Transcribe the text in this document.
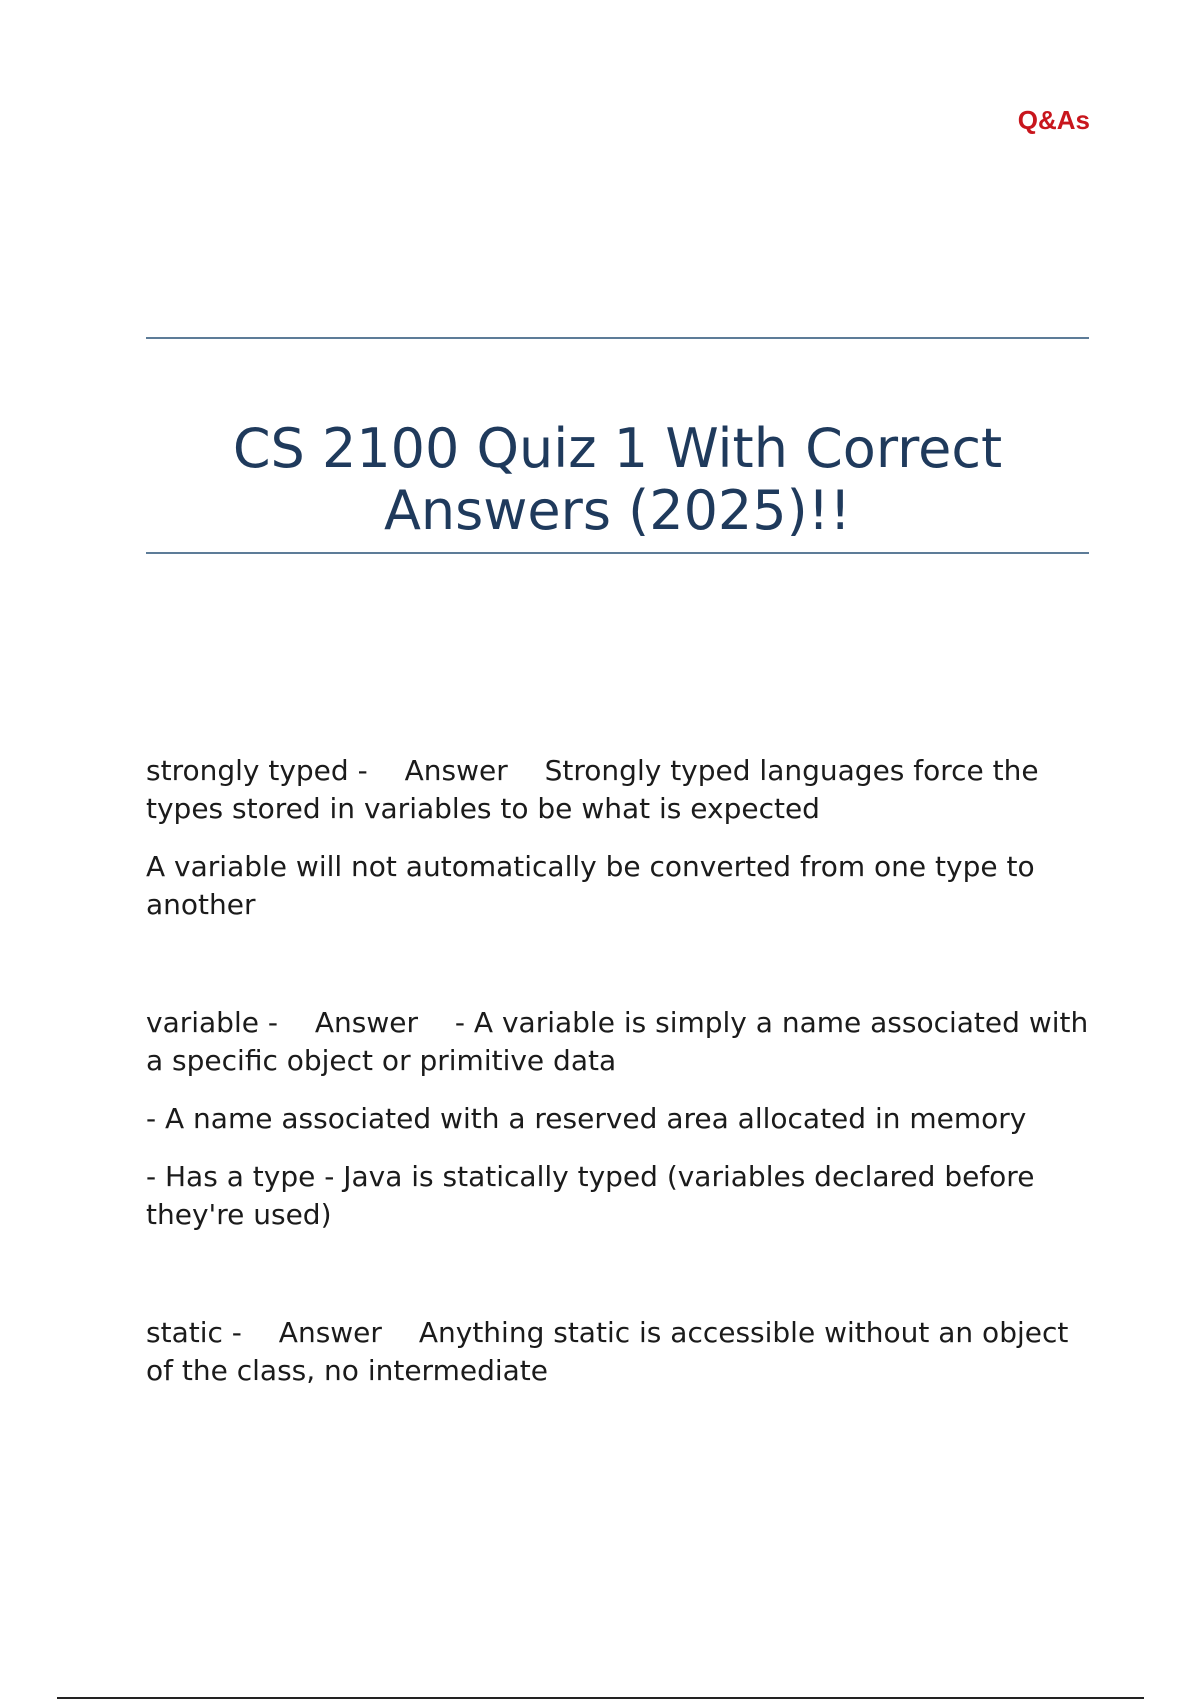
Q&As
CS 2100 Quiz 1 With Correct
Answers (2025)!!

strongly typed - Answer Strongly typed languages force the types stored in variables to be what is expected

A variable will not automatically be converted from one type to another

variable - Answer - A variable is simply a name associated with a specific object or primitive data

- A name associated with a reserved area allocated in memory

- Has a type - Java is statically typed (variables declared before they're used)

static - Answer Anything static is accessible without an object of the class, no intermediate
